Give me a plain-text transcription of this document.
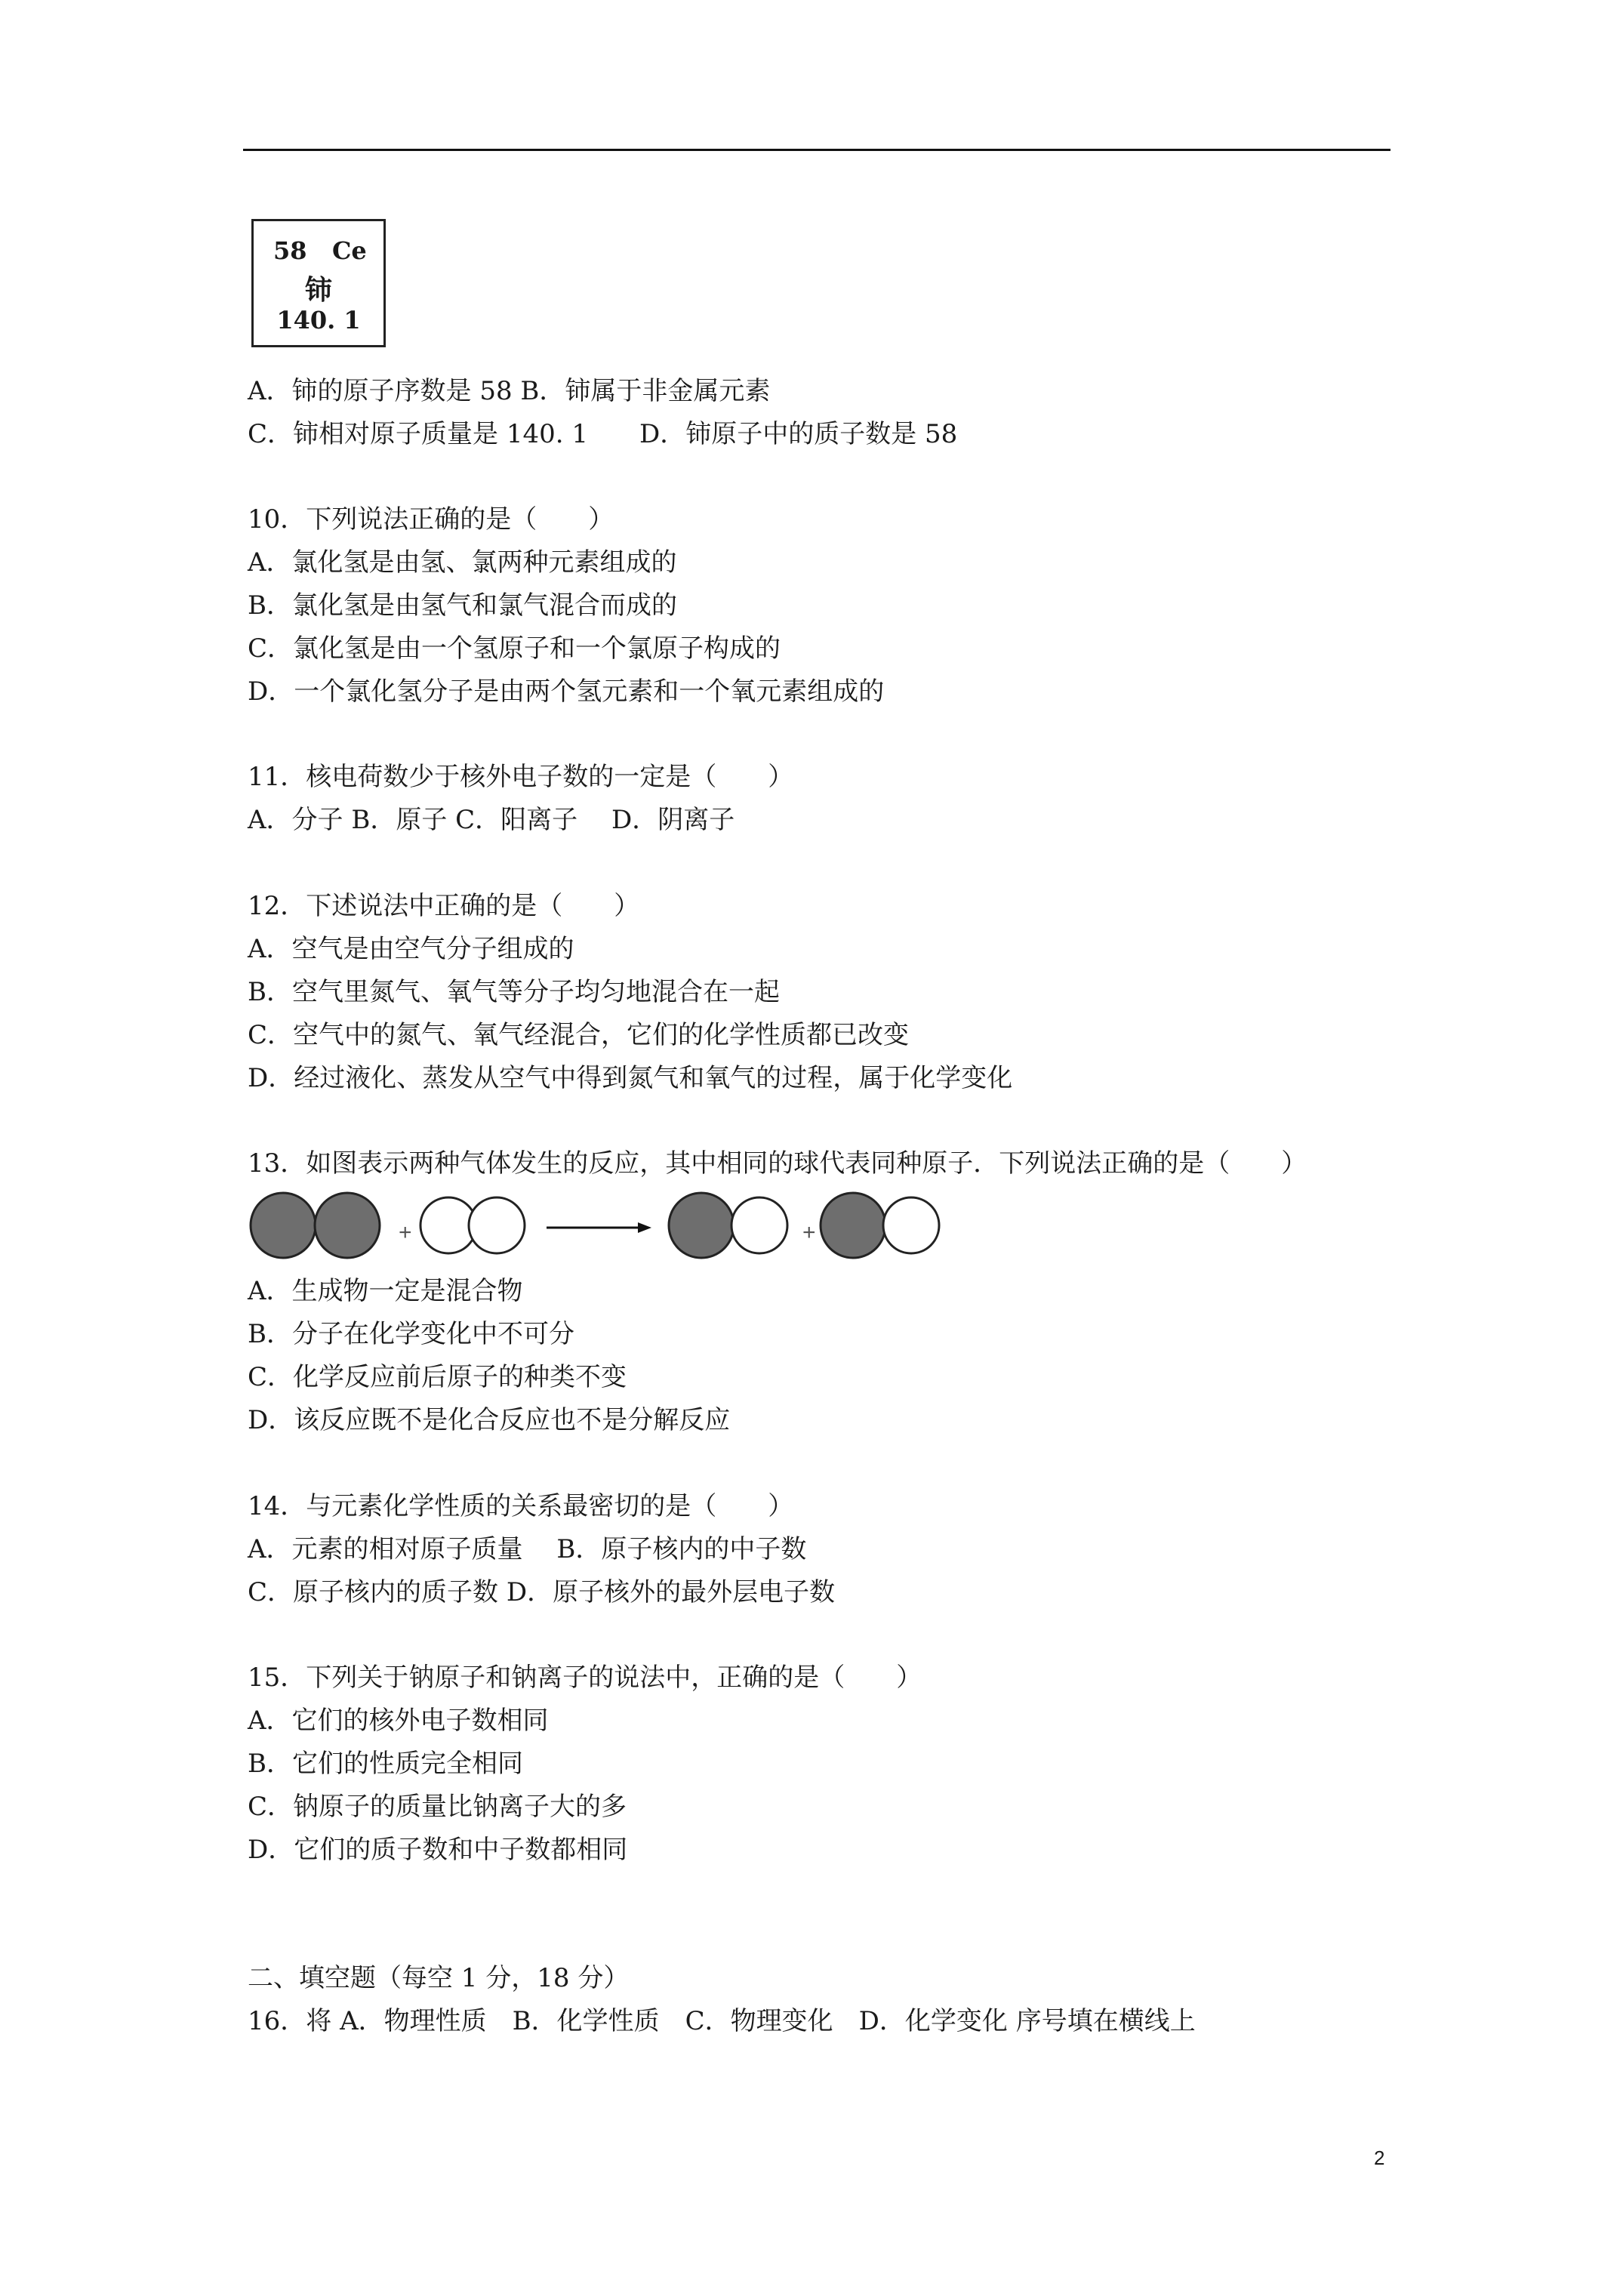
58 Ce
铈
140. 1
A．铈的原子序数是 58 B．铈属于非金属元素
C．铈相对原子质量是 140. 1　　D．铈原子中的质子数是 58
10．下列说法正确的是（　　）
A．氯化氢是由氢、氯两种元素组成的
B．氯化氢是由氢气和氯气混合而成的
C．氯化氢是由一个氢原子和一个氯原子构成的
D．一个氯化氢分子是由两个氢元素和一个氧元素组成的
11．核电荷数少于核外电子数的一定是（　　）
A．分子 B．原子 C．阳离子　 D．阴离子
12．下述说法中正确的是（　　）
A．空气是由空气分子组成的
B．空气里氮气、氧气等分子均匀地混合在一起
C．空气中的氮气、氧气经混合，它们的化学性质都已改变
D．经过液化、蒸发从空气中得到氮气和氧气的过程，属于化学变化
13．如图表示两种气体发生的反应，其中相同的球代表同种原子．下列说法正确的是（　　）
+	+
A．生成物一定是混合物
B．分子在化学变化中不可分
C．化学反应前后原子的种类不变
D．该反应既不是化合反应也不是分解反应
14．与元素化学性质的关系最密切的是（　　）
A．元素的相对原子质量　 B．原子核内的中子数
C．原子核内的质子数 D．原子核外的最外层电子数
15．下列关于钠原子和钠离子的说法中，正确的是（　　）
A．它们的核外电子数相同
B．它们的性质完全相同
C．钠原子的质量比钠离子大的多
D．它们的质子数和中子数都相同
二、填空题（每空 1 分，18 分）
16．将 A．物理性质　B．化学性质　C．物理变化　D．化学变化 序号填在横线上
2
